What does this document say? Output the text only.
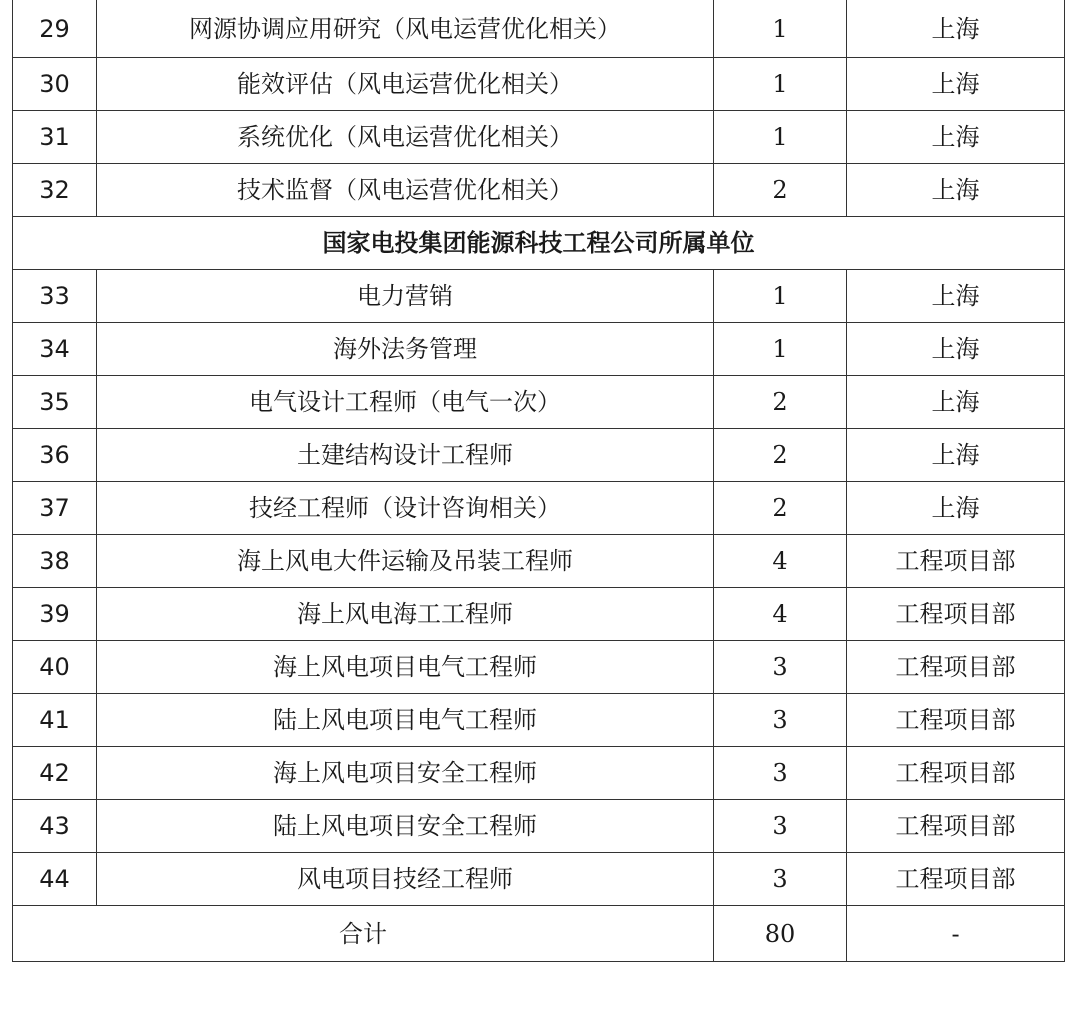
29	网源协调应用研究（风电运营优化相关）	1	上海
30	能效评估（风电运营优化相关）	1	上海
31	系统优化（风电运营优化相关）	1	上海
32	技术监督（风电运营优化相关）	2	上海
国家电投集团能源科技工程公司所属单位			
33	电力营销	1	上海
34	海外法务管理	1	上海
35	电气设计工程师（电气一次）	2	上海
36	土建结构设计工程师	2	上海
37	技经工程师（设计咨询相关）	2	上海
38	海上风电大件运输及吊装工程师	4	工程项目部
39	海上风电海工工程师	4	工程项目部
40	海上风电项目电气工程师	3	工程项目部
41	陆上风电项目电气工程师	3	工程项目部
42	海上风电项目安全工程师	3	工程项目部
43	陆上风电项目安全工程师	3	工程项目部
44	风电项目技经工程师	3	工程项目部
合计		80	-
